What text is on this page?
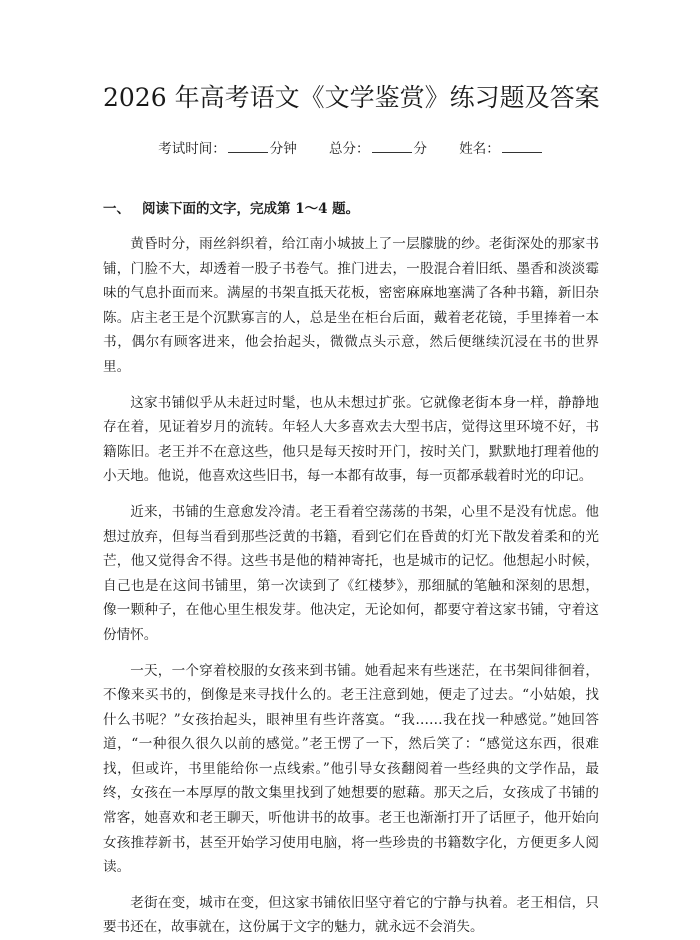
2026 年高考语文《文学鉴赏》练习题及答案
考试时间：	分钟 总分：	分 姓名：
一、 阅读下面的文字，完成第 1～4 题。

黄昏时分，雨丝斜织着，给江南小城披上了一层朦胧的纱。老街深处的那家书铺，门脸不大，却透着一股子书卷气。推门进去，一股混合着旧纸、墨香和淡淡霉味的气息扑面而来。满屋的书架直抵天花板，密密麻麻地塞满了各种书籍，新旧杂陈。店主老王是个沉默寡言的人，总是坐在柜台后面，戴着老花镜，手里捧着一本书，偶尔有顾客进来，他会抬起头，微微点头示意，然后便继续沉浸在书的世界里。

这家书铺似乎从未赶过时髦，也从未想过扩张。它就像老街本身一样，静静地存在着，见证着岁月的流转。年轻人大多喜欢去大型书店，觉得这里环境不好，书籍陈旧。老王并不在意这些，他只是每天按时开门，按时关门，默默地打理着他的小天地。他说，他喜欢这些旧书，每一本都有故事，每一页都承载着时光的印记。

近来，书铺的生意愈发冷清。老王看着空荡荡的书架，心里不是没有忧虑。他想过放弃，但每当看到那些泛黄的书籍，看到它们在昏黄的灯光下散发着柔和的光芒，他又觉得舍不得。这些书是他的精神寄托，也是城市的记忆。他想起小时候，自己也是在这间书铺里，第一次读到了《红楼梦》，那细腻的笔触和深刻的思想，像一颗种子，在他心里生根发芽。他决定，无论如何，都要守着这家书铺，守着这份情怀。

一天，一个穿着校服的女孩来到书铺。她看起来有些迷茫，在书架间徘徊着，不像来买书的，倒像是来寻找什么的。老王注意到她，便走了过去。“小姑娘，找什么书呢？”女孩抬起头，眼神里有些许落寞。“我……我在找一种感觉。”她回答道，“一种很久很久以前的感觉。”老王愣了一下，然后笑了：“感觉这东西，很难找，但或许，书里能给你一点线索。”他引导女孩翻阅着一些经典的文学作品，最终，女孩在一本厚厚的散文集里找到了她想要的慰藉。那天之后，女孩成了书铺的常客，她喜欢和老王聊天，听他讲书的故事。老王也渐渐打开了话匣子，他开始向女孩推荐新书，甚至开始学习使用电脑，将一些珍贵的书籍数字化，方便更多人阅读。

老街在变，城市在变，但这家书铺依旧坚守着它的宁静与执着。老王相信，只要书还在，故事就在，这份属于文字的魅力，就永远不会消失。
